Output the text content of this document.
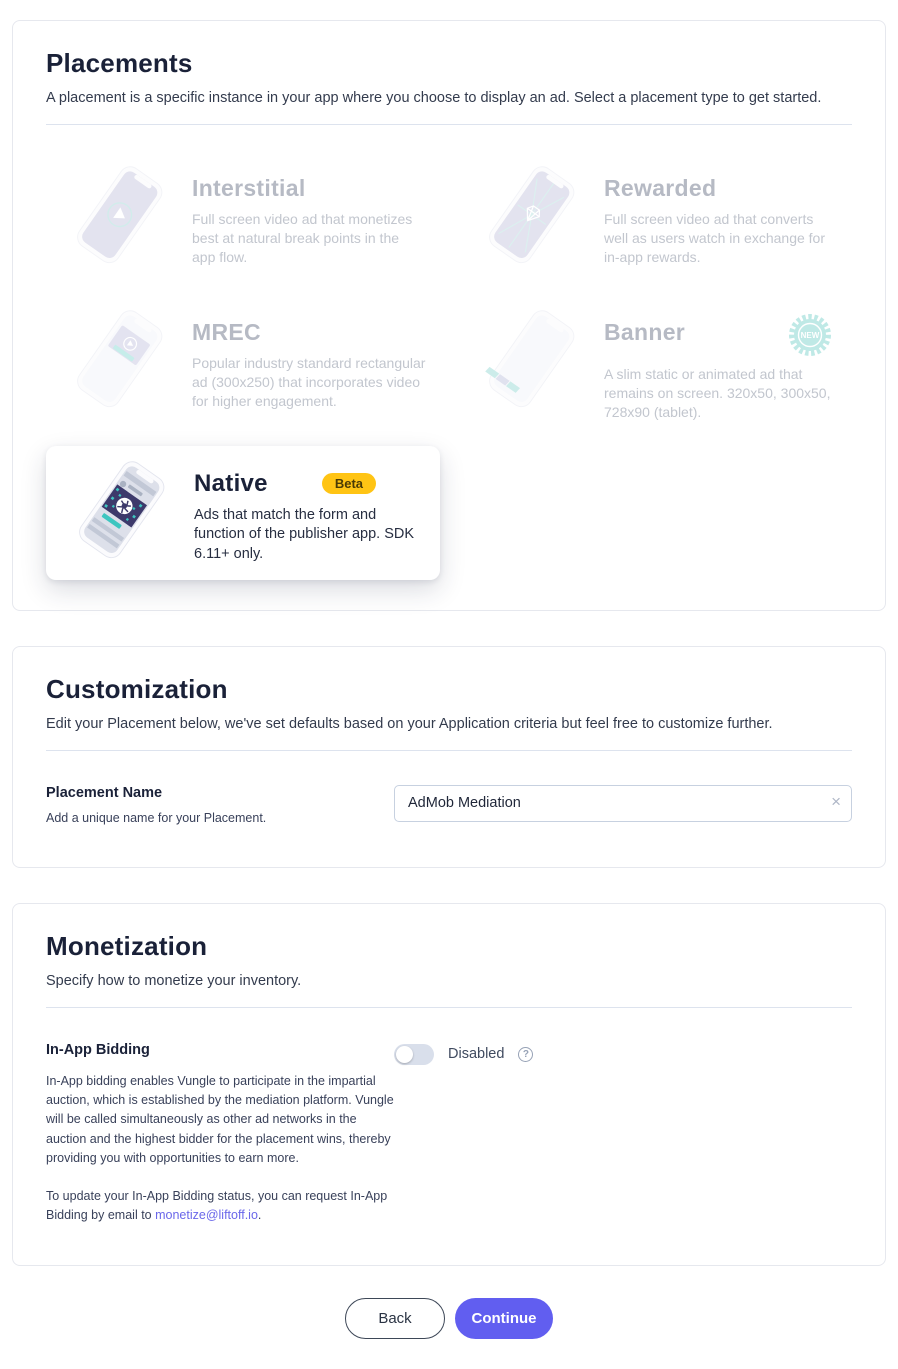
Placements

A placement is a specific instance in your app where you choose to display an ad. Select a placement type to get started.

Interstitial
Full screen video ad that monetizes best at natural break points in the app flow.
Rewarded
Full screen video ad that converts well as users watch in exchange for in-app rewards.
MREC
Popular industry standard rectangular ad (300x250) that incorporates video for higher engagement.
Banner	NEW
A slim static or animated ad that remains on screen. 320x50, 300x50, 728x90 (tablet).
Native	Beta
Ads that match the form and function of the publisher app. SDK 6.11+ only.
Customization

Edit your Placement below, we've set defaults based on your Application criteria but feel free to customize further.

Placement Name
Add a unique name for your Placement.
AdMob Mediation
×
Monetization

Specify how to monetize your inventory.

In-App Bidding

In-App bidding enables Vungle to participate in the impartial auction, which is established by the mediation platform. Vungle will be called simultaneously as other ad networks in the auction and the highest bidder for the placement wins, thereby providing you with opportunities to earn more.

To update your In-App Bidding status, you can request In-App Bidding by email to monetize@liftoff.io.

Disabled	?
Back	Continue
